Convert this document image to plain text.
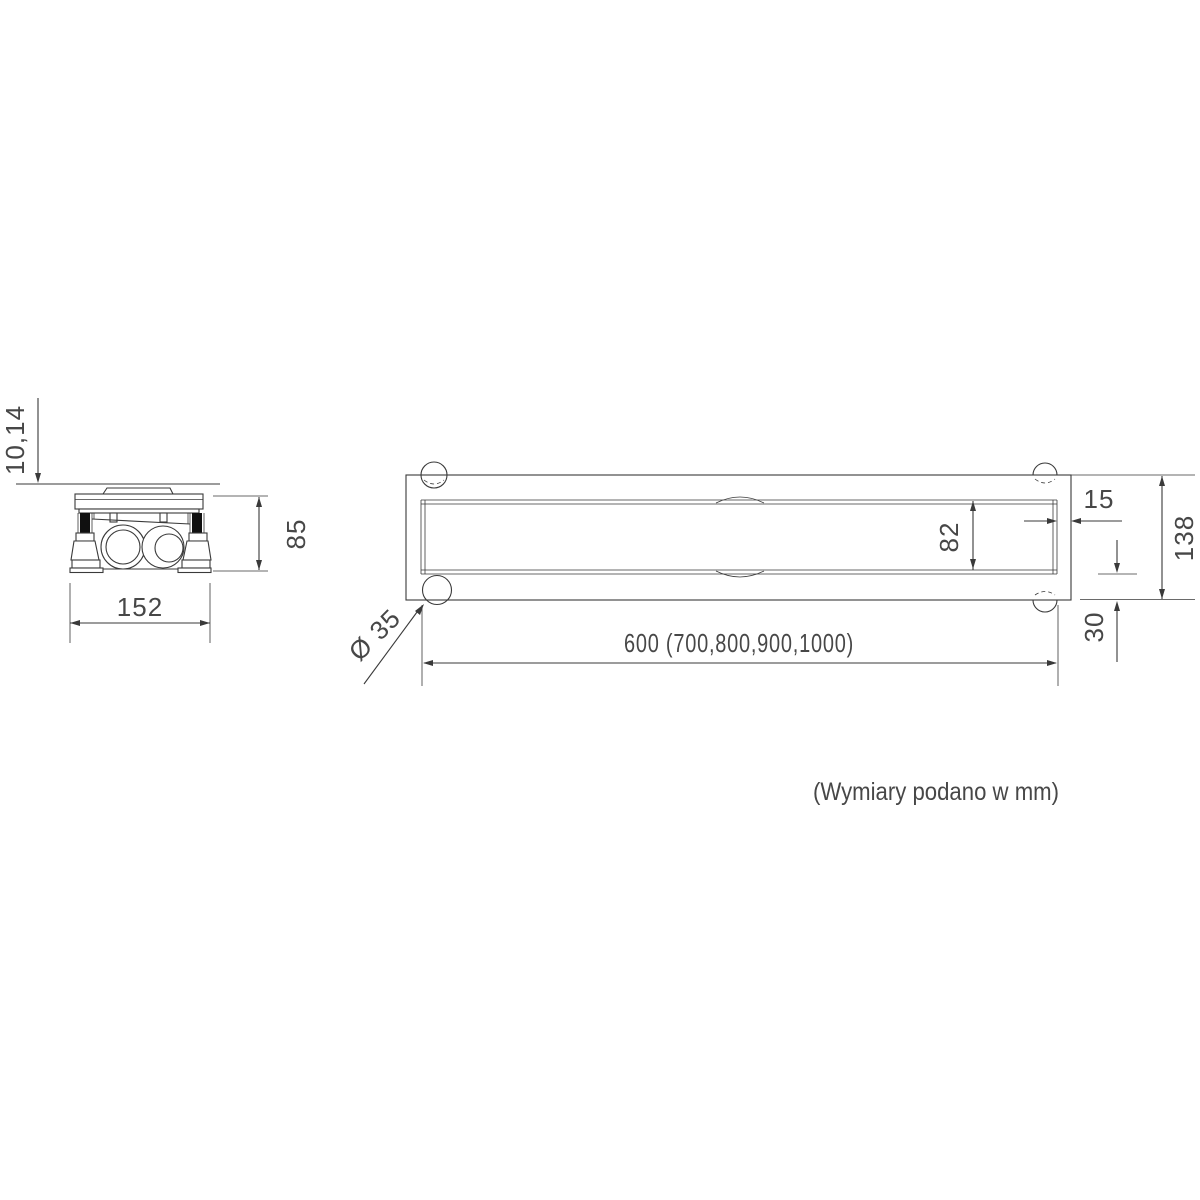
10,14
85
152
15
82	138
30
600 (700,800,900,1000)
Ø 35
(Wymiary podano w mm)
